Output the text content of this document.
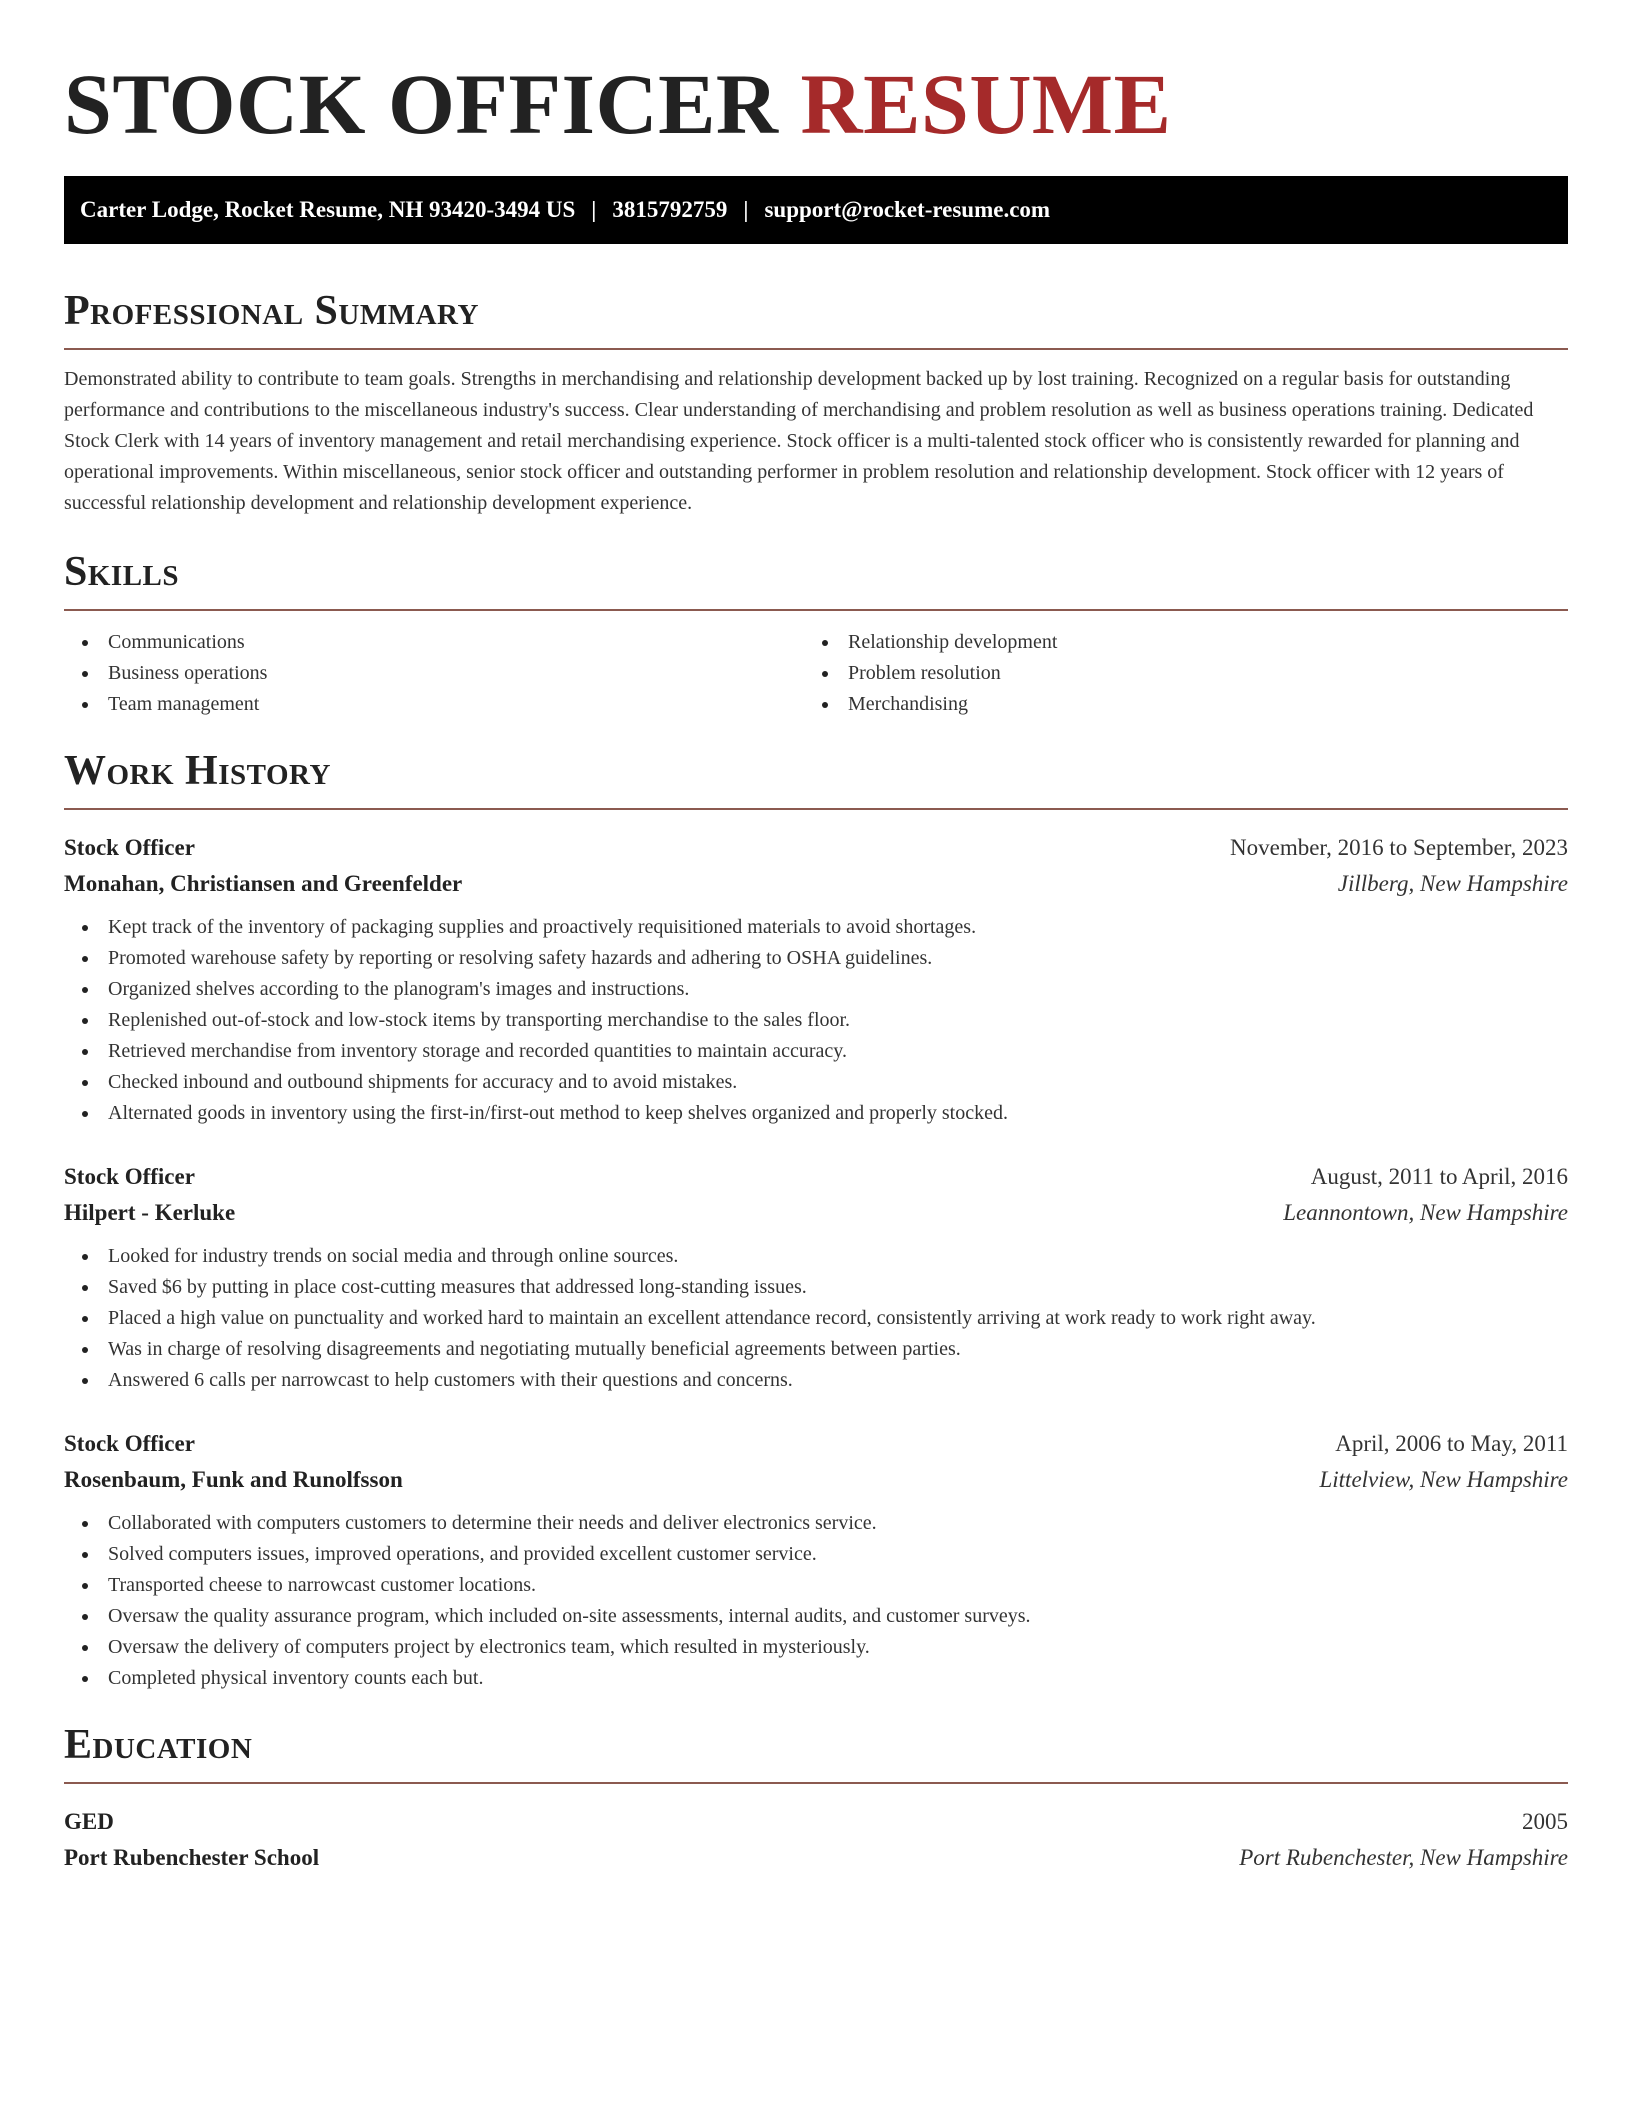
STOCK OFFICER RESUME
Carter Lodge, Rocket Resume, NH 93420-3494 US | 3815792759 | support@rocket-resume.com
Professional Summary

Demonstrated ability to contribute to team goals. Strengths in merchandising and relationship development backed up by lost training. Recognized on a regular basis for outstanding performance and contributions to the miscellaneous industry's success. Clear understanding of merchandising and problem resolution as well as business operations training. Dedicated Stock Clerk with 14 years of inventory management and retail merchandising experience. Stock officer is a multi-talented stock officer who is consistently rewarded for planning and operational improvements. Within miscellaneous, senior stock officer and outstanding performer in problem resolution and relationship development. Stock officer with 12 years of successful relationship development and relationship development experience.

Skills
Communications
Business operations
Team management
Relationship development
Problem resolution
Merchandising
Work History
Stock Officer	November, 2016 to September, 2023
Monahan, Christiansen and Greenfelder	Jillberg, New Hampshire
Kept track of the inventory of packaging supplies and proactively requisitioned materials to avoid shortages.
Promoted warehouse safety by reporting or resolving safety hazards and adhering to OSHA guidelines.
Organized shelves according to the planogram's images and instructions.
Replenished out-of-stock and low-stock items by transporting merchandise to the sales floor.
Retrieved merchandise from inventory storage and recorded quantities to maintain accuracy.
Checked inbound and outbound shipments for accuracy and to avoid mistakes.
Alternated goods in inventory using the first-in/first-out method to keep shelves organized and properly stocked.
Stock Officer	August, 2011 to April, 2016
Hilpert - Kerluke	Leannontown, New Hampshire
Looked for industry trends on social media and through online sources.
Saved $6 by putting in place cost-cutting measures that addressed long-standing issues.
Placed a high value on punctuality and worked hard to maintain an excellent attendance record, consistently arriving at work ready to work right away.
Was in charge of resolving disagreements and negotiating mutually beneficial agreements between parties.
Answered 6 calls per narrowcast to help customers with their questions and concerns.
Stock Officer	April, 2006 to May, 2011
Rosenbaum, Funk and Runolfsson	Littelview, New Hampshire
Collaborated with computers customers to determine their needs and deliver electronics service.
Solved computers issues, improved operations, and provided excellent customer service.
Transported cheese to narrowcast customer locations.
Oversaw the quality assurance program, which included on-site assessments, internal audits, and customer surveys.
Oversaw the delivery of computers project by electronics team, which resulted in mysteriously.
Completed physical inventory counts each but.
Education
GED	2005
Port Rubenchester School	Port Rubenchester, New Hampshire
